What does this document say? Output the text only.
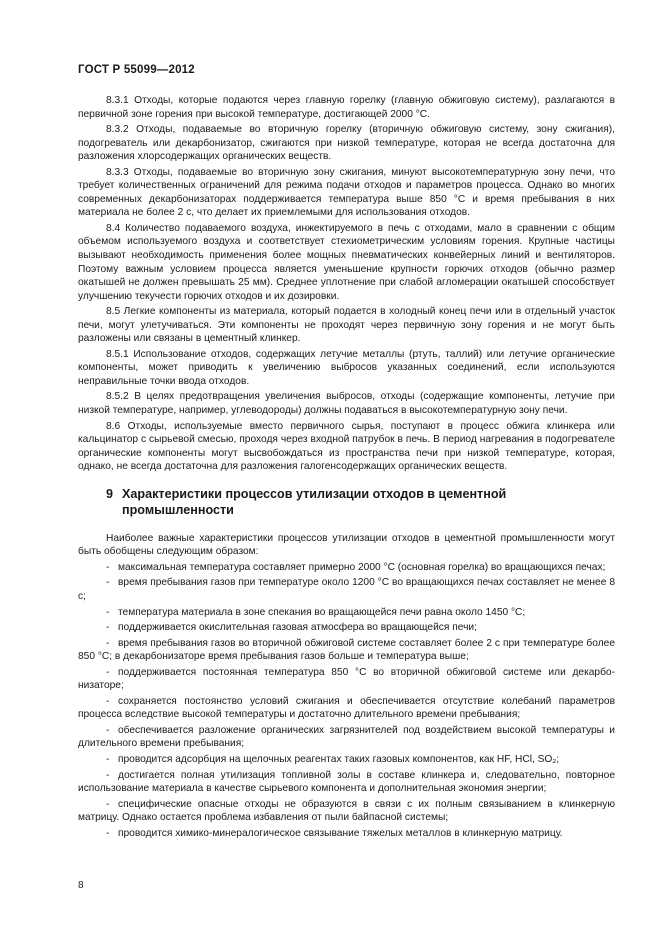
ГОСТ Р 55099—2012

8.3.1 Отходы, которые подаются через главную горелку (главную обжиговую систему), разлагаются в первичной зоне горения при высокой температуре, достигающей 2000 °С.

8.3.2 Отходы, подаваемые во вторичную горелку (вторичную обжиговую систему, зону сжигания), подогреватель или декарбонизатор, сжигаются при низкой температуре, которая не всегда достаточна для разложения хлорсодержащих органических веществ.

8.3.3 Отходы, подаваемые во вторичную зону сжигания, минуют высокотемпературную зону печи, что требует количественных ограничений для режима подачи отходов и параметров процесса. Однако во многих современных декарбонизаторах поддерживается температура выше 850 °С и время пребывания в них материала не более 2 с, что делает их приемлемыми для использования отходов.

8.4 Количество подаваемого воздуха, инжектируемого в печь с отходами, мало в сравнении с общим объемом используемого воздуха и соответствует стехиометрическим условиям горения. Крупные частицы вызывают необходимость применения более мощных пневматических конвейерных линий и вентиляторов. Поэтому важным условием процесса является уменьшение крупности горючих отходов (обычно размер окатышей не должен превышать 25 мм). Среднее уплотнение при слабой агломерации окатышей способствует улучшению текучести горючих отходов и их дозировки.

8.5 Легкие компоненты из материала, который подается в холодный конец печи или в отдельный участок печи, могут улетучиваться. Эти компоненты не проходят через первичную зону горения и не могут быть разложены или связаны в цементный клинкер.

8.5.1 Использование отходов, содержащих летучие металлы (ртуть, таллий) или летучие органические компоненты, может приводить к увеличению выбросов указанных соединений, если используются неправильные точки ввода отходов.

8.5.2 В целях предотвращения увеличения выбросов, отходы (содержащие компоненты, летучие при низкой температуре, например, углеводороды) должны подаваться в высокотемпературную зону печи.

8.6 Отходы, используемые вместо первичного сырья, поступают в процесс обжига клинкера или кальцинатор с сырьевой смесью, проходя через входной патрубок в печь. В период нагревания в подогревателе органические компоненты могут высвобождаться из пространства печи при низкой температуре, которая, однако, не всегда достаточна для разложения галогенсодержащих органических веществ.

9 Характеристики процессов утилизации отходов в цементной промышленности

Наиболее важные характеристики процессов утилизации отходов в цементной промышленности могут быть обобщены следующим образом:

- максимальная температура составляет примерно 2000 °С (основная горелка) во вращающихся печах;
- время пребывания газов при температуре около 1200 °С во вращающихся печах составляет не менее 8 с;
- температура материала в зоне спекания во вращающейся печи равна около 1450 °С;
- поддерживается окислительная газовая атмосфера во вращающейся печи;
- время пребывания газов во вторичной обжиговой системе составляет более 2 с при температуре более 850 °С; в декарбонизаторе время пребывания газов больше и температура выше;
- поддерживается постоянная температура 850 °С во вторичной обжиговой системе или декарбонизаторе;
- сохраняется постоянство условий сжигания и обеспечивается отсутствие колебаний параметров процесса вследствие высокой температуры и достаточно длительного времени пребывания;
- обеспечивается разложение органических загрязнителей под воздействием высокой температуры и длительного времени пребывания;
- проводится адсорбция на щелочных реагентах таких газовых компонентов, как HF, HCl, SO₂;
- достигается полная утилизация топливной золы в составе клинкера и, следовательно, повторное использование материала в качестве сырьевого компонента и дополнительная экономия энергии;
- специфические опасные отходы не образуются в связи с их полным связыванием в клинкерную матрицу. Однако остается проблема избавления от пыли байпасной системы;
- проводится химико-минералогическое связывание тяжелых металлов в клинкерную матрицу.
8
